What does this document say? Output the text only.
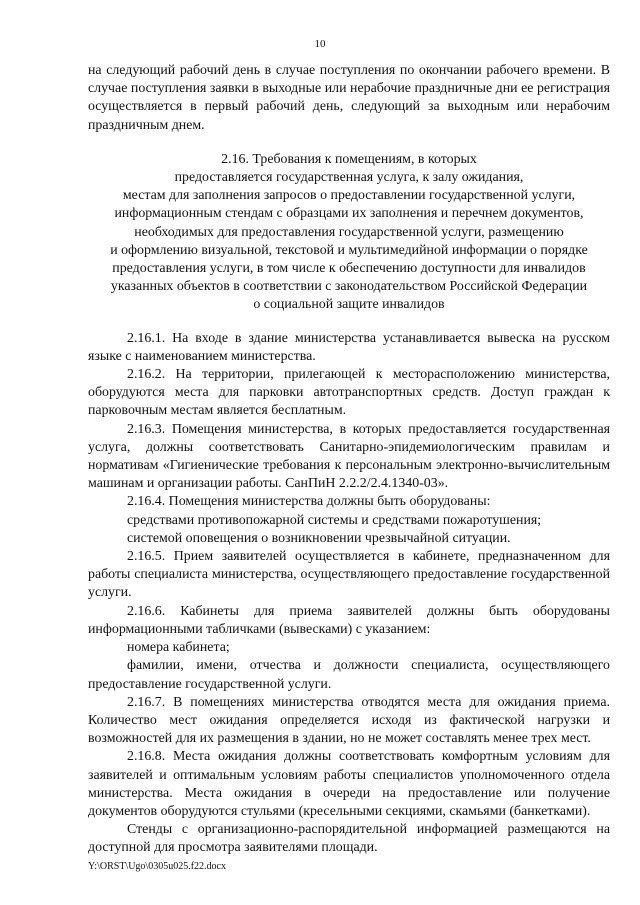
10

на следующий рабочий день в случае поступления по окончании рабочего времени. В случае поступления заявки в выходные или нерабочие праздничные дни ее регистрация осуществляется в первый рабочий день, следующий за выходным или нерабочим праздничным днем.

2.16. Требования к помещениям, в которых
предоставляется государственная услуга, к залу ожидания,
местам для заполнения запросов о предоставлении государственной услуги,
информационным стендам с образцами их заполнения и перечнем документов,
необходимых для предоставления государственной услуги, размещению
и оформлению визуальной, текстовой и мультимедийной информации о порядке
предоставления услуги, в том числе к обеспечению доступности для инвалидов
указанных объектов в соответствии с законодательством Российской Федерации
о социальной защите инвалидов

2.16.1. На входе в здание министерства устанавливается вывеска на русском языке с наименованием министерства.

2.16.2. На территории, прилегающей к месторасположению министерства, оборудуются места для парковки автотранспортных средств. Доступ граждан к парковочным местам является бесплатным.

2.16.3. Помещения министерства, в которых предоставляется государственная услуга, должны соответствовать Санитарно-эпидемиологическим правилам и нормативам «Гигиенические требования к персональным электронно-вычислительным машинам и организации работы. СанПиН 2.2.2/2.4.1340-03».

2.16.4. Помещения министерства должны быть оборудованы:

средствами противопожарной системы и средствами пожаротушения;

системой оповещения о возникновении чрезвычайной ситуации.

2.16.5. Прием заявителей осуществляется в кабинете, предназначенном для работы специалиста министерства, осуществляющего предоставление государственной услуги.

2.16.6. Кабинеты для приема заявителей должны быть оборудованы информационными табличками (вывесками) с указанием:

номера кабинета;

фамилии, имени, отчества и должности специалиста, осуществляющего предоставление государственной услуги.

2.16.7. В помещениях министерства отводятся места для ожидания приема. Количество мест ожидания определяется исходя из фактической нагрузки и возможностей для их размещения в здании, но не может составлять менее трех мест.

2.16.8. Места ожидания должны соответствовать комфортным условиям для заявителей и оптимальным условиям работы специалистов уполномоченного отдела министерства. Места ожидания в очереди на предоставление или получение документов оборудуются стульями (кресельными секциями, скамьями (банкетками).

Стенды с организационно-распорядительной информацией размещаются на доступной для просмотра заявителями площади.

Y:\ORST\Ugo\0305u025.f22.docx
